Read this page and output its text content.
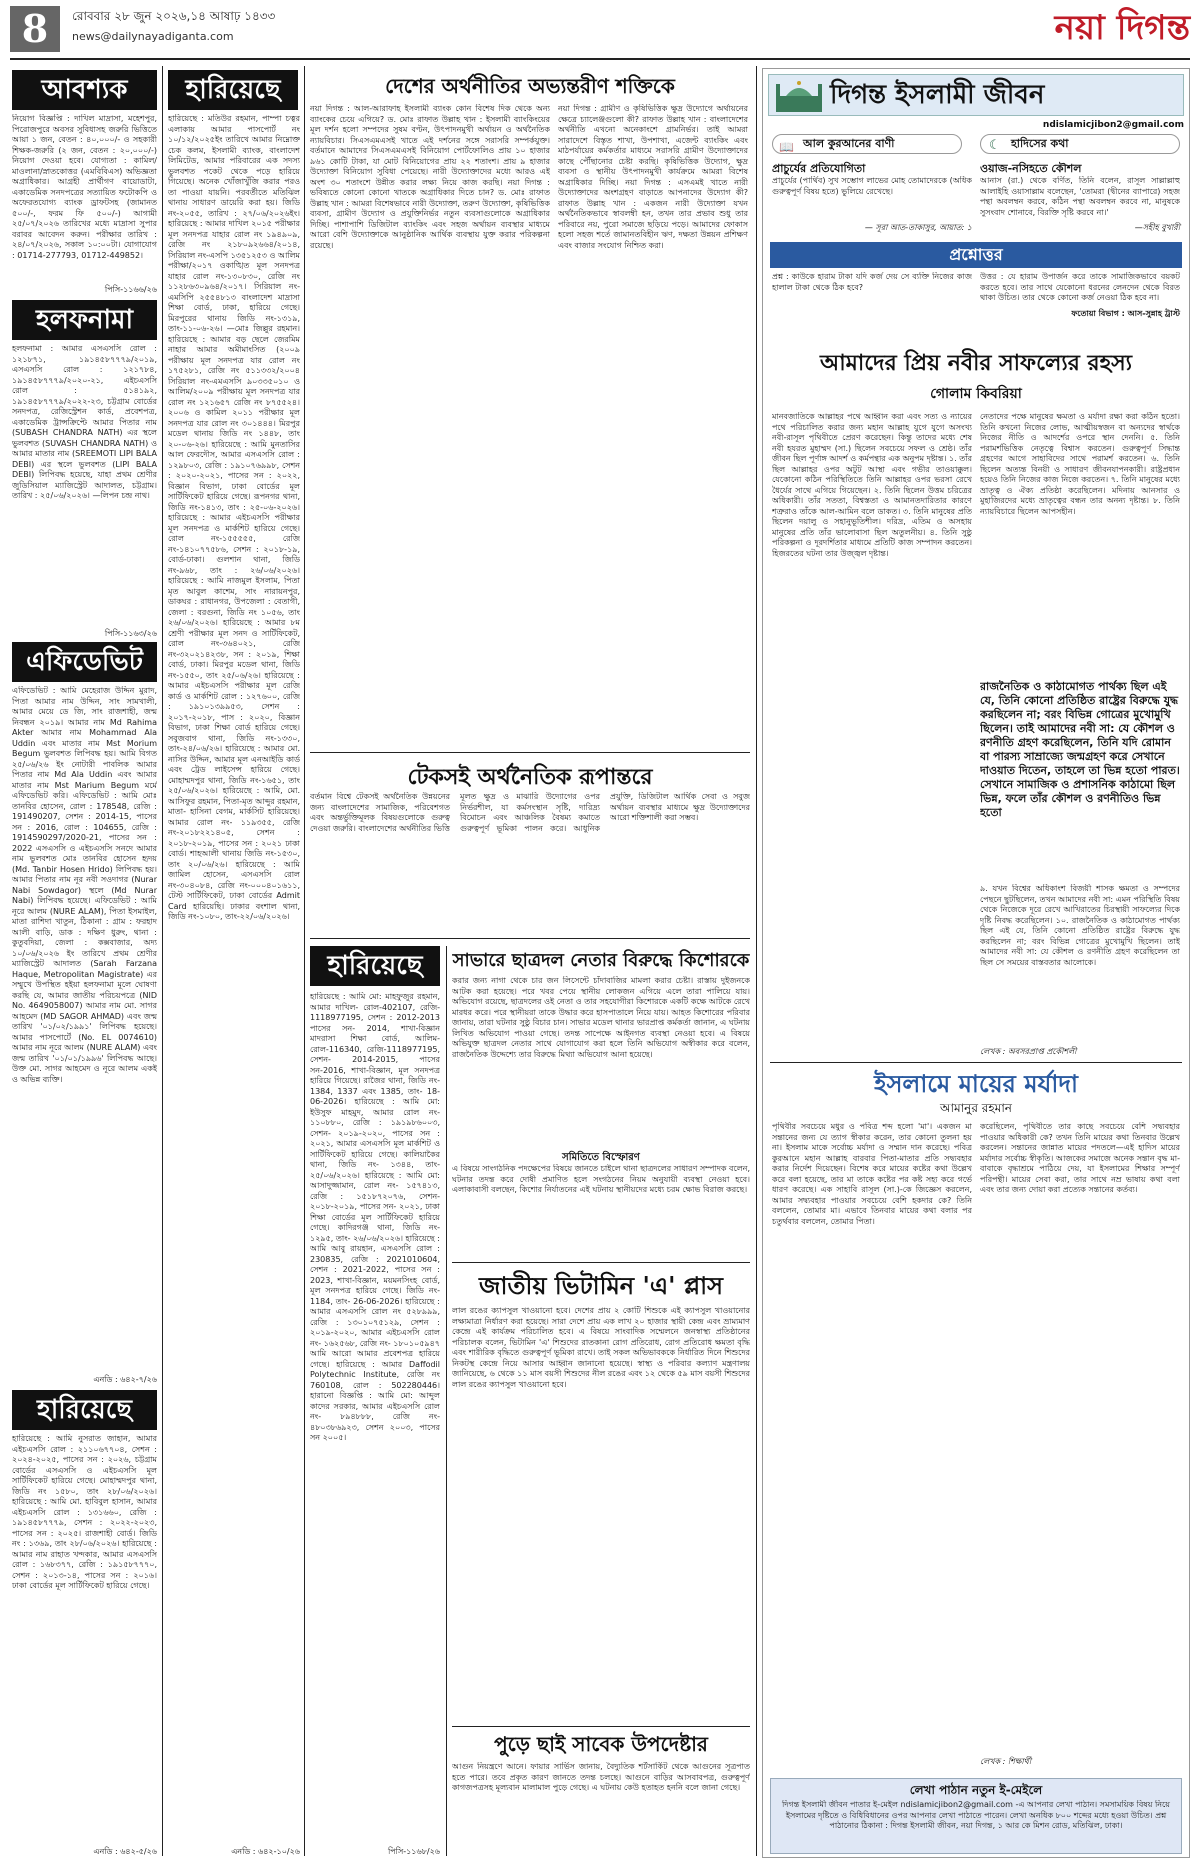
8	রোববার ২৮ জুন ২০২৬,১৪ আষাঢ় ১৪৩৩
news@dailynayadiganta.com	নয়া দিগন্ত
আবশ্যক
নিয়োগ বিজ্ঞপ্তি : দাখিল মাদ্রাসা, মহেশপুর, পিরোজপুরে অবসর সুবিধাসহ জরুরি ভিত্তিতে আয়া ১ জন, বেতন : ৪০,০০০/- ও সহকারী শিক্ষক-জরুরি (২ জন, বেতন : ২০,০০০/-) নিয়োগ দেওয়া হবে। যোগ্যতা : কামিল/মাওলানা/স্নাতকোত্তর (এমবিবিএস) অভিজ্ঞতা অগ্রাধিকার। আগ্রহী প্রার্থীগণ বায়োডাটা, একাডেমিক সনদপত্রের সত্যায়িত ফটোকপি ও অফেরতযোগ্য ব্যাংক ড্রাফটসহ (জামানত ৫০০/-, ফরম ফি ৫০০/-) আগামী ২৫/০৭/২০২৬ তারিখের মধ্যে মাদ্রাসা সুপার বরাবর আবেদন করুন। পরীক্ষার তারিখ : ২৪/০৭/২০২৬, সকাল ১০:০০টা। যোগাযোগ : 01714-277793, 01712-449852।
পিসি-১১৬৬/২৬
হলফনামা
হলফনামা : আমার এসএসসি রোল : ১২১৮৭১, ১৯১৪৫৮৭৭৭৯/২০১৯, এসএসসি রোল : ১২১৭৮৪, ১৯১৪৫৮৭৭৭৯/২০২০-২১, এইচএসসি রোল : ৫১৪১৯২, ১৯১৪৫৮৭৭৭৯/২০২২-২৩, চট্টগ্রাম বোর্ডের সনদপত্র, রেজিস্ট্রেশন কার্ড, প্রবেশপত্র, একাডেমিক ট্রান্সক্রিপ্টে আমার পিতার নাম (SUBASH CHANDRA NATH) এর স্থলে ভুলবশত (SUVASH CHANDRA NATH) ও আমার মাতার নাম (SREEMOTI LIPI BALA DEBI) এর স্থলে ভুলবশত (LIPI BALA DEBI) লিপিবদ্ধ হয়েছে, যাহা প্রথম শ্রেণীর জুডিসিয়াল ম্যাজিস্ট্রেট আদালত, চট্টগ্রাম। তারিখ : ২৫/০৬/২০২৬। —লিপন চন্দ্র নাথ।
পিসি-১১৬৩/২৬
এফিডেভিট
এফিডেভিট : আমি মেহেরাজ উদ্দিন মুরাদ, পিতা আমার নাম উদ্দিন, সাং সামখালী, আমার মেয়ে ডে জি, সাং রাজশাহী, জন্ম নিবন্ধন ২০১৯। আমার নাম Md Rahima Akter আমার নাম Mohammad Ala Uddin এবং মাতার নাম Mst Morium Begum ভুলবশত লিপিবদ্ধ হয়। আমি বিগত ২৫/০৬/২৬ ইং নোটারী পাবলিক আমার পিতার নাম Md Ala Uddin এবং আমার মাতার নাম Mst Marium Begum মর্মে এফিডেভিট করি। এফিডেভিট : আমি মোঃ তানবির হোসেন, রোল : 178548, রেজি : 191490207, সেশন : 2014-15, পাসের সন : 2016, রোল : 104655, রেজি : 1914590297/2020-21, পাসের সন : 2022 এসএসসি ও এইচএসসি সনদে আমার নাম ভুলবশত মোঃ তানবির হোসেন হৃদয় (Md. Tanbir Hosen Hrido) লিপিবদ্ধ হয়। আমার পিতার নাম নূর নবী সওদাগর (Nurar Nabi Sowdagor) স্থলে (Md Nurar Nabi) লিপিবদ্ধ হয়েছে। এফিডেভিট : আমি নূরে আলম (NURE ALAM), পিতা ইসমাইল, মাতা রাশিদা খাতুন, ঠিকানা : গ্রাম : ফরহাদ আলী বাড়ি, ডাক : দক্ষিণ ধুরুং, থানা : কুতুবদিয়া, জেলা : কক্সবাজার, অদ্য ১০/০৬/২০২৬ ইং তারিখে প্রথম শ্রেণীর ম্যাজিস্ট্রেট আদালত (Sarah Farzana Haque, Metropolitan Magistrate) এর সম্মুখে উপস্থিত হইয়া হলফনামা মূলে ঘোষণা করছি যে, আমার জাতীয় পরিচয়পত্রে (NID No. 4649058007) আমার নাম মো. সাগর আহমেদ (MD SAGOR AHMAD) এবং জন্ম তারিখ '০১/০২/১৯৯১' লিপিবদ্ধ হয়েছে। আমার পাসপোর্টে (No. EL 0074610) আমার নাম নূরে আলম (NURE ALAM) এবং জন্ম তারিখ '০১/০১/১৯৯৬' লিপিবদ্ধ আছে। উক্ত মো. সাগর আহমেদ ও নূরে আলম একই ও অভিন্ন ব্যক্তি।
এনডি : ৬৪২-৭/২৬
হারিয়েছে
হারিয়েছে : আমি নুসরাত জাহান, আমার এইচএসসি রোল : ২১১০৬৭৭০৪, সেশন : ২০২৪-২০২৫, পাসের সন : ২০২৬, চট্টগ্রাম বোর্ডের এসএসসি ও এইচএসসি মূল সার্টিফিকেট হারিয়ে গেছে। মোহাম্মদপুর থানা, জিডি নং ১৫৮০, তাং ২৮/০৬/২০২৬। হারিয়েছে : আমি মো. হাবিবুল হাসান, আমার এইচএসসি রোল : ১৩১৬৬০, রেজি : ১৯১৪৫৮৭৭৭৯, সেশন : ২০২২-২০২৩, পাসের সন : ২০২৫। রাজশাহী বোর্ড। জিডি নং : ১৩৬৯, তাং ২৮/০৬/২০২৬। হারিয়েছে : আমার নাম রাহাত খন্দকার, আমার এসএসসি রোল : ১৬৮৩৭৭, রেজি : ১৯১৫৮৭৭৭০, সেশন : ২০১৩-১৪, পাসের সন : ২০১৬। ঢাকা বোর্ডের মূল সার্টিফিকেট হারিয়ে গেছে।
এনডি : ৬৪২-৫/২৬
হারিয়েছে
হারিয়েছে : মতিউর রহমান, পাম্পা চত্বর এলাকায় আমার পাসপোর্ট নং ১০/১২/২০২৫ইং তারিখে আমার নিম্নোক্ত চেক কলম, ইসলামী ব্যাংক, বাংলাদেশ লিমিটেড, আমার পরিবারের এক সদস্য ভুলবশত পকেট থেকে পড়ে হারিয়ে গিয়েছে। অনেক খোঁজাখুঁজি করার পরও তা পাওয়া যায়নি। পরবর্তীতে মতিঝিল থানায় সাধারণ ডায়েরি করা হয়। জিডি নং-২০৫৫, তারিখ : ২৭/০৬/২০২৬ইং। হারিয়েছে : আমার দাখিল ২০১৫ পরীক্ষার মূল সনদপত্র যাহার রোল নং ১৯৪৯০৯, রেজি নং ২১৮০৯২৬৬৪/২০১৪, সিরিয়াল নং-এসপি ১৩৫১২৫৩ ও আলিম পরীক্ষা/২০১৭ ওকাঙ্খিত মূল সনদপত্র যাহার রোল নং-১৩০৮৩০, রেজি নং ১১২৮৬৩০৯৬৪/২০১৭। সিরিয়াল নং-এমসিপি ২৫৫৪৮১৩ বাংলাদেশ মাদ্রাসা শিক্ষা বোর্ড, ঢাকা, হারিয়ে গেছে। মিরপুরের থানায় জিডি নং-১৩১৯, তাং-১১-০৬-২৬। —মোঃ জিল্লুর রহমান। হারিয়েছে : আমার বড় ছেলে জেরমিম নাহার আমার অমীমাংসিত (২০০৯ পরীক্ষায় মূল সনদপত্র যার রোল নং ১৭৫২৮১, রেজি নং ৫১১৩৩২/২০০৪ সিরিয়াল নং-এমএসসি ৯০৩৩৫০১০ ও আলিম/২০০৯ পরীক্ষায় মূল সনদপত্র যার রোল নং ১২১৬৫৭ রেজি নং ৮৭৫৫২৪। ২০০৬ ও কামিল ২০১১ পরীক্ষার মূল সনদপত্র যার রোল নং ৩০১৪৪৪। মিরপুর মডেল থানায় জিডি নং ১৪৪৮, তাং ২০-০৬-২৬। হারিয়েছে : আমি মুনতাসির আল ফেরদৌস, আমার এসএসসি রোল : ১২৯৮০৩, রেজি : ১৯১০৭৬৯৯৮, সেশন : ২০২০-২০২১, পাসের সন : ২০২২, বিজ্ঞান বিভাগ, ঢাকা বোর্ডের মূল সার্টিফিকেট হারিয়ে গেছে। রূপনগর থানা, জিডি নং-১৪১৩, তাং : ২৫-০৬-২০২৬। হারিয়েছে : আমার এইচএসসি পরীক্ষার মূল সনদপত্র ও মার্কশিট হারিয়ে গেছে। রোল নং-১৫৫৫৫৫, রেজি নং-১৪১০৭৭৫৮৬, সেশন : ২০১৮-১৯, বোর্ড-ঢাকা। গুলশান থানা, জিডি নং-৯৬৮, তাং : ২৬/০৬/২০২৬। হারিয়েছে : আমি নাজমুল ইসলাম, পিতা মৃত আবুল কাশেম, সাং নারায়নপুর, ডাকঘর : রাধানগর, উপজেলা : বেতাগী, জেলা : বরগুনা, জিডি নং ১০৫৬, তাং ২৬/০৬/২০২৬। হারিয়েছে : আমার ৮ম শ্রেণী পরীক্ষার মূল সনদ ও সার্টিফিকেট, রোল নং-৩৬৪০২১, রেজি নং-৩২০২১৪২৩৮, সন : ২০১৯, শিক্ষা বোর্ড, ঢাকা। মিরপুর মডেল থানা, জিডি নং-১৫৫০, তাং ২৫/০৬/২৬। হারিয়েছে : আমার এইচএসসি পরীক্ষার মূল রেজি কার্ড ও মার্কশিট রোল : ১২৭৬০০, রেজি : ১৯১০১৩৯৯৫৩, সেশন : ২০১৭-২০১৮, পাস : ২০২০, বিজ্ঞান বিভাগ, ঢাকা শিক্ষা বোর্ড হারিয়ে গেছে। সবুজবাগ থানা, জিডি নং-১৩৩০, তাং-২৪/০৬/২৬। হারিয়েছে : আমার মো. নাসির উদ্দিন, আমার মূল এনআইডি কার্ড এবং ট্রেড লাইসেন্স হারিয়ে গেছে। মোহাম্মদপুর থানা, জিডি নং-১৬৫১, তাং ২৫/০৬/২০২৬। হারিয়েছে : আমি, মো. আসিফুর রহমান, পিতা-মৃত আব্দুর রহমান, মাতা- হাসিনা বেগম, মার্কসিট হারিয়েছে। আমার রোল নং- ১১৯৩৫৫, রেজি নং-২০১৮২২১৪০৫, সেশন : ২০১৮-২০১৯, পাসের সন : ২০২১ ঢাকা বোর্ড। শাহআলী থানায় জিডি নং-১৫৩০, তাং ২০/০৬/২৬। হারিয়েছে : আমি জামিল হোসেন, এসএসসি রোল নং-৩০৪০৮৪, রেজি নং-০০০৪০১৬১১, টেস্ট সার্টিফিকেট, ঢাকা বোর্ডের Admit Card হারিয়েছি। ঢাকার বংশাল থানা, জিডি নং-১০৮০, তাং-২২/০৬/২০২৬।
এনডি : ৬৪২-১০/২৬
দেশের অর্থনীতির অভ্যন্তরীণ শক্তিকে
নয়া দিগন্ত : আল-আরাফাহ ইসলামী ব্যাংক কোন বিশেষ দিক থেকে অন্য ব্যাংকের চেয়ে এগিয়ে? ড. মোঃ রাফাত উল্লাহ খান : ইসলামী ব্যাংকিংয়ের মূল দর্শন হলো সম্পদের সুষম বণ্টন, উৎপাদনমুখী অর্থায়ন ও অর্থনৈতিক ন্যায়বিচার। সিএসএমএসই খাতে এই দর্শনের সঙ্গে সরাসরি সম্পর্কযুক্ত। বর্তমানে আমাদের সিএসএমএসই বিনিয়োগ পোর্টফোলিও প্রায় ১০ হাজার ৯৬১ কোটি টাকা, যা মোট বিনিয়োগের প্রায় ২২ শতাংশ। প্রায় ৯ হাজার উদ্যোক্তা বিনিয়োগ সুবিধা পেয়েছে। নারী উদ্যোক্তাদের মধ্যে আরও এই অংশ ৩০ শতাংশে উন্নীত করার লক্ষ্য নিয়ে কাজ করছি। নয়া দিগন্ত : ভবিষ্যতে কোনো কোনো খাতকে অগ্রাধিকার দিতে চান? ড. মোঃ রাফাত উল্লাহ খান : আমরা বিশেষভাবে নারী উদ্যোক্তা, তরুণ উদ্যোক্তা, কৃষিভিত্তিক ব্যবসা, গ্রামীণ উদ্যোগ ও প্রযুক্তিনির্ভর নতুন ব্যবসাগুলোকে অগ্রাধিকার দিচ্ছি। পাশাপাশি ডিজিটাল ব্যাংকিং এবং সহজ অর্থায়ন ব্যবস্থার মাধ্যমে আরো বেশি উদ্যোক্তাকে আনুষ্ঠানিক আর্থিক ব্যবস্থায় যুক্ত করার পরিকল্পনা রয়েছে।
নয়া দিগন্ত : গ্রামীণ ও কৃষিভিত্তিক ক্ষুদ্র উদ্যোগে অর্থায়নের ক্ষেত্রে চ্যালেঞ্জগুলো কী? রাফাত উল্লাহ খান : বাংলাদেশের অর্থনীতি এখনো অনেকাংশে গ্রামনির্ভর। তাই আমরা সারাদেশে বিস্তৃত শাখা, উপশাখা, এজেন্ট ব্যাংকিং এবং মাঠপর্যায়ের কর্মকর্তার মাধ্যমে সরাসরি গ্রামীণ উদ্যোক্তাদের কাছে পৌঁছানোর চেষ্টা করছি। কৃষিভিত্তিক উদ্যোগ, ক্ষুদ্র ব্যবসা ও স্থানীয় উৎপাদনমুখী কার্যক্রমে আমরা বিশেষ অগ্রাধিকার দিচ্ছি। নয়া দিগন্ত : এসএমই খাতে নারী উদ্যোক্তাদের অংশগ্রহণ বাড়াতে আপনাদের উদ্যোগ কী? রাফাত উল্লাহ খান : একজন নারী উদ্যোক্তা যখন অর্থনৈতিকভাবে স্বাবলম্বী হন, তখন তার প্রভাব শুধু তার পরিবারে নয়, পুরো সমাজে ছড়িয়ে পড়ে। আমাদের ফোকাস হলো সহজ শর্তে জামানতবিহীন ঋণ, দক্ষতা উন্নয়ন প্রশিক্ষণ এবং বাজার সংযোগ নিশ্চিত করা।
টেকসই অর্থনৈতিক রূপান্তরে
বর্তমান বিশ্বে টেকসই অর্থনৈতিক উন্নয়নের জন্য বাংলাদেশের সামাজিক, পরিবেশগত এবং অন্তর্ভুক্তিমূলক বিষয়গুলোকে গুরুত্ব দেওয়া জরুরি। বাংলাদেশের অর্থনীতির ভিত্তি মূলত ক্ষুদ্র ও মাঝারি উদ্যোগের ওপর নির্ভরশীল, যা কর্মসংস্থান সৃষ্টি, দারিদ্র্য বিমোচন এবং আঞ্চলিক বৈষম্য কমাতে গুরুত্বপূর্ণ ভূমিকা পালন করে। আধুনিক প্রযুক্তি, ডিজিটাল আর্থিক সেবা ও সবুজ অর্থায়ন ব্যবস্থার মাধ্যমে ক্ষুদ্র উদ্যোক্তাদের আরো শক্তিশালী করা সম্ভব।
হারিয়েছে
হারিয়েছে : আমি মো: মাহফুজুর রহমান, আমার দাখিল- রোল-402107, রেজি- 1118977195, সেশন : 2012-2013 পাসের সন- 2014, শাখা-বিজ্ঞান মাদরাসা শিক্ষা বোর্ড, আলিম-রোল-116340, রেজি-1118977195, সেশন- 2014-2015, পাসের সন-2016, শাখা-বিজ্ঞান, মূল সনদপত্র হারিয়ে গিয়েছে। রাজৈর থানা, জিডি নং- 1384, 1337 এবং 1385, তাং- 18-06-2026। হারিয়েছে : আমি মো: ইউসুফ মাহমুদ, আমার রোল নং- ১১০৮৮০, রেজি : ১৯১৯৮৬০০৩, সেশন- ২০১৯-২০২০, পাসের সন : ২০২১, আমার এসএসসি মূল মার্কশিট ও সার্টিফিকেট হারিয়ে গেছে। কালিয়াকৈর থানা, জিডি নং- ১৩৪৪, তাং- ২৫/০৬/২০২৬। হারিয়েছে : আমি মো: আসাদুজ্জামান, রোল নং- ১৫৭৪১৩, রেজি : ১৫১৮৭২০৭৬, সেশন- ২০১৮-২০১৯, পাসের সন- ২০২১, ঢাকা শিক্ষা বোর্ডের মূল সার্টিফিকেট হারিয়ে গেছে। কাদিরগঞ্জ থানা, জিডি নং- ১২৯৫, তাং- ২৬/০৬/২০২৬। হারিয়েছে : আমি আবু রায়হান, এসএসসি রোল : 230835, রেজি : 2021010604, সেশন : 2021-2022, পাসের সন : 2023, শাখা-বিজ্ঞান, ময়মনসিংহ বোর্ড, মূল সনদপত্র হারিয়ে গেছে। জিডি নং- 1184, তাং- 26-06-2026। হারিয়েছে : আমার এসএসসি রোল নং ৫২৮৯৯৯, রেজি : ১৩০১০৭৫১২৯, সেশন : ২০১৯-২০২০, আমার এইচএসসি রোল নং- ১৬২৫৬৮, রেজি নং- ১৮০১০৫৯৪৭ আমি আরো আমার প্রবেশপত্র হারিয়ে গেছে। হারিয়েছে : আমার Daffodil Polytechnic Institute, রেজি নং 760108, রোল : 502280446। হারানো বিজ্ঞপ্তি : আমি মো: আব্দুল কাদের সরকার, আমার এইচএসসি রোল নং- ৮৯৪৮৮৮, রেজি নং- ৪৮০৩৮৬৯২৩, সেশন ২০০৩, পাসের সন ২০০৫।
পিসি-১১৬৮/২৬
সাভারে ছাত্রদল নেতার বিরুদ্ধে কিশোরকে
করার জন্য নাগা থেকে চার জন লিসেন্টে চাঁদাবাজির মামলা করার চেষ্টা। রাস্তায় দুইজনকে আটক করা হয়েছে। পরে খবর পেয়ে স্থানীয় লোকজন এগিয়ে এলে তারা পালিয়ে যায়। অভিযোগ রয়েছে, ছাত্রদলের ওই নেতা ও তার সহযোগীরা কিশোরকে একটি কক্ষে আটকে রেখে মারধর করে। পরে স্থানীয়রা তাকে উদ্ধার করে হাসপাতালে নিয়ে যায়। আহত কিশোরের পরিবার জানায়, তারা ঘটনার সুষ্ঠু বিচার চান। সাভার মডেল থানার ভারপ্রাপ্ত কর্মকর্তা জানান, এ ঘটনায় লিখিত অভিযোগ পাওয়া গেছে। তদন্ত সাপেক্ষে আইনগত ব্যবস্থা নেওয়া হবে। এ বিষয়ে অভিযুক্ত ছাত্রদল নেতার সাথে যোগাযোগ করা হলে তিনি অভিযোগ অস্বীকার করে বলেন, রাজনৈতিক উদ্দেশ্যে তার বিরুদ্ধে মিথ্যা অভিযোগ আনা হয়েছে।
সমিতিতে বিস্ফোরণ
এ বিষয়ে সাংগঠনিক পদক্ষেপের বিষয়ে জানতে চাইলে থানা ছাত্রদলের সাধারণ সম্পাদক বলেন, ঘটনার তদন্ত করে দোষী প্রমাণিত হলে সংগঠনের নিয়ম অনুযায়ী ব্যবস্থা নেওয়া হবে। এলাকাবাসী বলছেন, কিশোর নির্যাতনের এই ঘটনায় স্থানীয়দের মধ্যে চরম ক্ষোভ বিরাজ করছে।
জাতীয় ভিটামিন 'এ' প্লাস
লাল রঙের ক্যাপসুল খাওয়ানো হবে। দেশের প্রায় ২ কোটি শিশুকে এই ক্যাপসুল খাওয়ানোর লক্ষ্যমাত্রা নির্ধারণ করা হয়েছে। সারা দেশে প্রায় এক লাখ ২০ হাজার স্থায়ী কেন্দ্র এবং ভ্রাম্যমাণ কেন্দ্রে এই কার্যক্রম পরিচালিত হবে। এ বিষয়ে সাংবাদিক সম্মেলনে জনস্বাস্থ্য প্রতিষ্ঠানের পরিচালক বলেন, ভিটামিন 'এ' শিশুদের রাতকানা রোগ প্রতিরোধ, রোগ প্রতিরোধ ক্ষমতা বৃদ্ধি এবং শারীরিক বৃদ্ধিতে গুরুত্বপূর্ণ ভূমিকা রাখে। তাই সকল অভিভাবককে নির্ধারিত দিনে শিশুদের নিকটস্থ কেন্দ্রে নিয়ে আসার আহ্বান জানানো হয়েছে। স্বাস্থ্য ও পরিবার কল্যাণ মন্ত্রণালয় জানিয়েছে, ৬ থেকে ১১ মাস বয়সী শিশুদের নীল রঙের এবং ১২ থেকে ৫৯ মাস বয়সী শিশুদের লাল রঙের ক্যাপসুল খাওয়ানো হবে।
পুড়ে ছাই সাবেক উপদেষ্টার
আগুন নিয়ন্ত্রণে আনে। ফায়ার সার্ভিস জানায়, বৈদ্যুতিক শর্টসার্কিট থেকে আগুনের সূত্রপাত হতে পারে। তবে প্রকৃত কারণ জানতে তদন্ত চলছে। আগুনে বাড়ির আসবাবপত্র, গুরুত্বপূর্ণ কাগজপত্রসহ মূল্যবান মালামাল পুড়ে গেছে। এ ঘটনায় কেউ হতাহত হননি বলে জানা গেছে।
দিগন্ত ইসলামী জীবন
ndislamicjibon2@gmail.com
📖 আল কুরআনের বাণী	☾ হাদিসের কথা
প্রাচুর্যের প্রতিযোগিতা
প্রাচুর্যের (পার্থিব) সুখ সম্ভোগ লাভের মোহ তোমাদেরকে (অধিক গুরুত্বপূর্ণ বিষয় হতে) ভুলিয়ে রেখেছে।
— সূরা আত-তাকাসুর, আয়াত: ১
ওয়াজ-নসিহতে কৌশল
আনাস (রা.) থেকে বর্ণিত, তিনি বলেন, রাসূল সাল্লাল্লাহু আলাইহি ওয়াসাল্লাম বলেছেন, 'তোমরা (দ্বীনের ব্যাপারে) সহজ পন্থা অবলম্বন করবে, কঠিন পন্থা অবলম্বন করবে না, মানুষকে সুসংবাদ শোনাবে, বিরক্তি সৃষ্টি করবে না।'
—সহীহ বুখারী
প্রশ্নোত্তর
প্রশ্ন : কাউকে হারাম টাকা যদি কর্জ দেয় সে ব্যক্তি নিজের কাজ হালাল টাকা থেকে ঠিক হবে?
উত্তর : যে হারাম উপার্জন করে তাকে সামাজিকভাবে বয়কট করতে হবে। তার সাথে যেকোনো ধরনের লেনদেন থেকে বিরত থাকা উচিত। তার থেকে কোনো কর্জ নেওয়া ঠিক হবে না।
ফতোয়া বিভাগ : আস-সুন্নাহ ট্রাস্ট
আমাদের প্রিয় নবীর সাফল্যের রহস্য
গোলাম কিবরিয়া
মানবজাতিকে আল্লাহর পথে আহ্বান করা এবং সত্য ও ন্যায়ের পথে পরিচালিত করার জন্য মহান আল্লাহ যুগে যুগে অসংখ্য নবী-রাসূল পৃথিবীতে প্রেরণ করেছেন। কিন্তু তাদের মধ্যে শেষ নবী হযরত মুহাম্মদ (সা.) ছিলেন সবচেয়ে সফল ও শ্রেষ্ঠ। তাঁর জীবন ছিল পূর্ণাঙ্গ আদর্শ ও কর্মপন্থার এক অনুপম দৃষ্টান্ত। ১. তাঁর ছিল আল্লাহর ওপর অটুট আস্থা এবং গভীর তাওয়াক্কুল। যেকোনো কঠিন পরিস্থিতিতে তিনি আল্লাহর ওপর ভরসা রেখে ধৈর্যের সাথে এগিয়ে গিয়েছেন। ২. তিনি ছিলেন উত্তম চরিত্রের অধিকারী। তাঁর সততা, বিশ্বস্ততা ও আমানতদারিতার কারণে শত্রুরাও তাঁকে আল-আমিন বলে ডাকত। ৩. তিনি মানুষের প্রতি ছিলেন দয়ালু ও সহানুভূতিশীল। দরিদ্র, এতিম ও অসহায় মানুষের প্রতি তাঁর ভালোবাসা ছিল অতুলনীয়। ৪. তিনি সুষ্ঠু পরিকল্পনা ও দূরদর্শিতার মাধ্যমে প্রতিটি কাজ সম্পাদন করতেন। হিজরতের ঘটনা তার উজ্জ্বল দৃষ্টান্ত।
নেতাদের পক্ষে মানুষের ক্ষমতা ও মর্যাদা রক্ষা করা কঠিন হতো। তিনি কখনো নিজের লোভ, আত্মীয়স্বজন বা অন্যদের স্বার্থকে নিজের নীতি ও আদর্শের ওপরে স্থান দেননি। ৫. তিনি পরামর্শভিত্তিক নেতৃত্বে বিশ্বাস করতেন। গুরুত্বপূর্ণ সিদ্ধান্ত গ্রহণের আগে সাহাবিদের সাথে পরামর্শ করতেন। ৬. তিনি ছিলেন অত্যন্ত বিনয়ী ও সাধারণ জীবনযাপনকারী। রাষ্ট্রপ্রধান হয়েও তিনি নিজের কাজ নিজে করতেন। ৭. তিনি মানুষের মধ্যে ভ্রাতৃত্ব ও ঐক্য প্রতিষ্ঠা করেছিলেন। মদিনায় আনসার ও মুহাজিরদের মধ্যে ভ্রাতৃত্বের বন্ধন তার অনন্য দৃষ্টান্ত। ৮. তিনি ন্যায়বিচারে ছিলেন আপসহীন।
রাজনৈতিক ও কাঠামোগত পার্থক্য ছিল এই যে, তিনি কোনো প্রতিষ্ঠিত রাষ্ট্রের বিরুদ্ধে যুদ্ধ করছিলেন না; বরং বিভিন্ন গোত্রের মুখোমুখি ছিলেন। তাই আমাদের নবী সা: যে কৌশল ও রণনীতি গ্রহণ করেছিলেন, তিনি যদি রোমান বা পারস্য সাম্রাজ্যে জন্মগ্রহণ করে সেখানে দাওয়াত দিতেন, তাহলে তা ভিন্ন হতো পারত। সেখানে সামাজিক ও প্রশাসনিক কাঠামো ছিল ভিন্ন, ফলে তাঁর কৌশল ও রণনীতিও ভিন্ন হতো
৯. যখন বিশ্বের অধিকাংশ বিজয়ী শাসক ক্ষমতা ও সম্পদের পেছনে ছুটছিলেন, তখন আমাদের নবী সা: এমন পরিস্থিতি বিষয় থেকে নিজেকে দূরে রেখে আখিরাতের চিরস্থায়ী সাফল্যের দিকে দৃষ্টি নিবদ্ধ করেছিলেন। ১০. রাজনৈতিক ও কাঠামোগত পার্থক্য ছিল এই যে, তিনি কোনো প্রতিষ্ঠিত রাষ্ট্রের বিরুদ্ধে যুদ্ধ করছিলেন না; বরং বিভিন্ন গোত্রের মুখোমুখি ছিলেন। তাই আমাদের নবী সা: যে কৌশল ও রণনীতি গ্রহণ করেছিলেন তা ছিল সে সময়ের বাস্তবতার আলোকে।
লেখক : অবসরপ্রাপ্ত প্রকৌশলী
ইসলামে মায়ের মর্যাদা
আমানুর রহমান
পৃথিবীর সবচেয়ে মধুর ও পবিত্র শব্দ হলো 'মা'। একজন মা সন্তানের জন্য যে ত্যাগ স্বীকার করেন, তার কোনো তুলনা হয় না। ইসলাম মাকে সর্বোচ্চ মর্যাদা ও সম্মান দান করেছে। পবিত্র কুরআনে মহান আল্লাহ বারবার পিতা-মাতার প্রতি সদ্ব্যবহার করার নির্দেশ দিয়েছেন। বিশেষ করে মায়ের কষ্টের কথা উল্লেখ করে বলা হয়েছে, তার মা তাকে কষ্টের পর কষ্ট সহ্য করে গর্ভে ধারণ করেছে। এক সাহাবি রাসূল (সা.)-কে জিজ্ঞেস করলেন, আমার সদ্ব্যবহার পাওয়ার সবচেয়ে বেশি হকদার কে? তিনি বললেন, তোমার মা। এভাবে তিনবার মায়ের কথা বলার পর চতুর্থবার বললেন, তোমার পিতা।
করেছিলেন, পৃথিবীতে তার কাছে সবচেয়ে বেশি সদ্ব্যবহার পাওয়ার অধিকারী কে? তখন তিনি মায়ের কথা তিনবার উল্লেখ করলেন। সন্তানের জান্নাত মায়ের পদতলে—এই হাদিস মায়ের মর্যাদার সর্বোচ্চ স্বীকৃতি। আজকের সমাজে অনেক সন্তান বৃদ্ধ মা-বাবাকে বৃদ্ধাশ্রমে পাঠিয়ে দেয়, যা ইসলামের শিক্ষার সম্পূর্ণ পরিপন্থী। মায়ের সেবা করা, তার সাথে নম্র ভাষায় কথা বলা এবং তার জন্য দোয়া করা প্রত্যেক সন্তানের কর্তব্য।
লেখক : শিক্ষার্থী
লেখা পাঠান নতুন ই-মেইলে
দিগন্ত ইসলামী জীবন পাতার ই-মেইল ndislamicjibon2@gmail.com -এ আপনার লেখা পাঠান। সমসাময়িক বিষয় নিয়ে ইসলামের দৃষ্টিতে ও বিধিবিধানের ওপর আপনার লেখা পাঠাতে পারেন। লেখা অনধিক ৮০০ শব্দের মধ্যে হওয়া উচিত। প্রশ্ন পাঠানোর ঠিকানা : দিগন্ত ইসলামী জীবন, নয়া দিগন্ত, ১ আর কে মিশন রোড, মতিঝিল, ঢাকা।
